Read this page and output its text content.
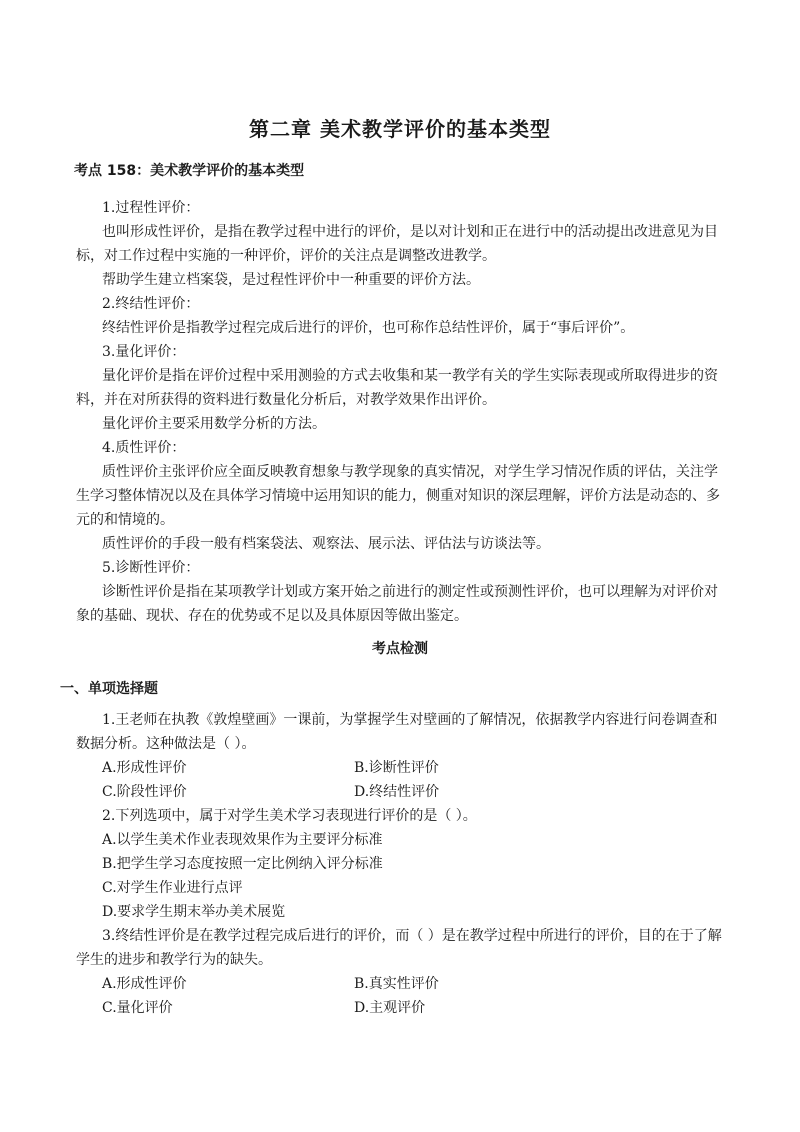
第二章 美术教学评价的基本类型
考点 158：美术教学评价的基本类型

1.过程性评价：

也叫形成性评价，是指在教学过程中进行的评价，是以对计划和正在进行中的活动提出改进意见为目标，对工作过程中实施的一种评价，评价的关注点是调整改进教学。

帮助学生建立档案袋，是过程性评价中一种重要的评价方法。

2.终结性评价：

终结性评价是指教学过程完成后进行的评价，也可称作总结性评价，属于“事后评价”。

3.量化评价：

量化评价是指在评价过程中采用测验的方式去收集和某一教学有关的学生实际表现或所取得进步的资料，并在对所获得的资料进行数量化分析后，对教学效果作出评价。

量化评价主要采用数学分析的方法。

4.质性评价：

质性评价主张评价应全面反映教育想象与教学现象的真实情况，对学生学习情况作质的评估，关注学生学习整体情况以及在具体学习情境中运用知识的能力，侧重对知识的深层理解，评价方法是动态的、多元的和情境的。

质性评价的手段一般有档案袋法、观察法、展示法、评估法与访谈法等。

5.诊断性评价：

诊断性评价是指在某项教学计划或方案开始之前进行的测定性或预测性评价，也可以理解为对评价对象的基础、现状、存在的优势或不足以及具体原因等做出鉴定。

考点检测
一、单项选择题

1.王老师在执教《敦煌壁画》一课前，为掌握学生对壁画的了解情况，依据教学内容进行问卷调查和数据分析。这种做法是（ ）。

A.形成性评价	B.诊断性评价
C.阶段性评价	D.终结性评价

2.下列选项中，属于对学生美术学习表现进行评价的是（ ）。

A.以学生美术作业表现效果作为主要评分标准
B.把学生学习态度按照一定比例纳入评分标准
C.对学生作业进行点评
D.要求学生期末举办美术展览

3.终结性评价是在教学过程完成后进行的评价，而（ ）是在教学过程中所进行的评价，目的在于了解学生的进步和教学行为的缺失。

A.形成性评价	B.真实性评价
C.量化评价	D.主观评价
